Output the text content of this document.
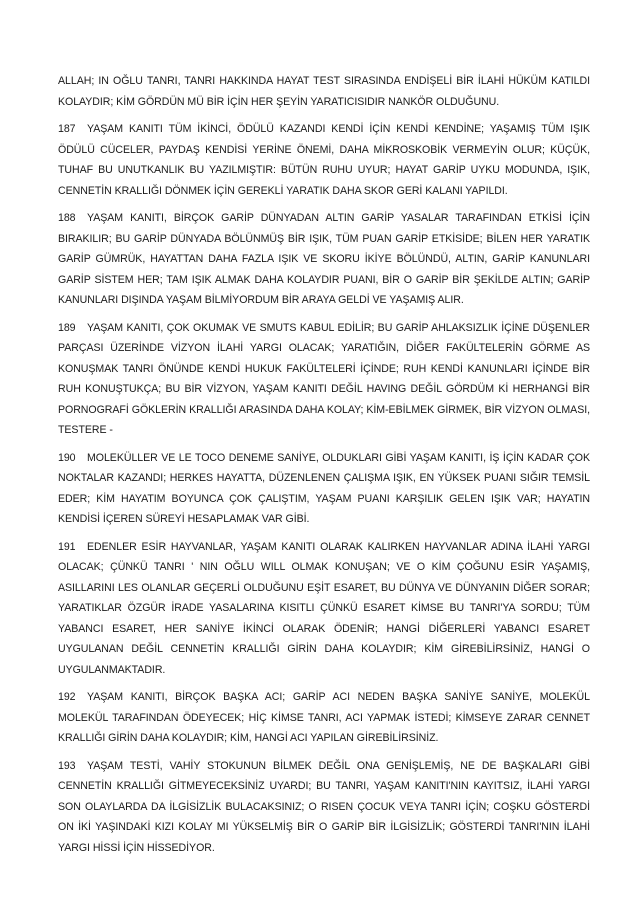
ALLAH; IN OĞLU TANRI, TANRI HAKKINDA HAYAT TEST SIRASINDA ENDİŞELİ BİR İLAHİ HÜKÜM KATILDI KOLAYDIR; KİM GÖRDÜN MÜ BİR İÇİN HER ŞEYİN YARATICISIDIR NANKÖR OLDUĞUNU.

187 YAŞAM KANITI TÜM İKİNCİ, ÖDÜLÜ KAZANDI KENDİ İÇİN KENDİ KENDİNE; YAŞAMIŞ TÜM IŞIK ÖDÜLÜ CÜCELER, PAYDAŞ KENDİSİ YERİNE ÖNEMİ, DAHA MİKROSKOBİK VERMEYİN OLUR; KÜÇÜK, TUHAF BU UNUTKANLIK BU YAZILMIŞTIR: BÜTÜN RUHU UYUR; HAYAT GARİP UYKU MODUNDA, IŞIK, CENNETİN KRALLIĞI DÖNMEK İÇİN GEREKLİ YARATIK DAHA SKOR GERİ KALANI YAPILDI.

188 YAŞAM KANITI, BİRÇOK GARİP DÜNYADAN ALTIN GARİP YASALAR TARAFINDAN ETKİSİ İÇİN BIRAKILIR; BU GARİP DÜNYADA BÖLÜNMÜŞ BİR IŞIK, TÜM PUAN GARİP ETKİSİDE; BİLEN HER YARATIK GARİP GÜMRÜK, HAYATTAN DAHA FAZLA IŞIK VE SKORU İKİYE BÖLÜNDÜ, ALTIN, GARİP KANUNLARI GARİP SİSTEM HER; TAM IŞIK ALMAK DAHA KOLAYDIR PUANI, BİR O GARİP BİR ŞEKİLDE ALTIN; GARİP KANUNLARI DIŞINDA YAŞAM BİLMİYORDUM BİR ARAYA GELDİ VE YAŞAMIŞ ALIR.

189 YAŞAM KANITI, ÇOK OKUMAK VE SMUTS KABUL EDİLİR; BU GARİP AHLAKSIZLIK İÇİNE DÜŞENLER PARÇASI ÜZERİNDE VİZYON İLAHİ YARGI OLACAK; YARATIĞIN, DİĞER FAKÜLTELERİN GÖRME AS KONUŞMAK TANRI ÖNÜNDE KENDİ HUKUK FAKÜLTELERİ İÇİNDE; RUH KENDİ KANUNLARI İÇİNDE BİR RUH KONUŞTUKÇA; BU BİR VİZYON, YAŞAM KANITI DEĞİL HAVING DEĞİL GÖRDÜM Kİ HERHANGİ BİR PORNOGRAFİ GÖKLERİN KRALLIĞI ARASINDA DAHA KOLAY; KİM-EBİLMEK GİRMEK, BİR VİZYON OLMASI, TESTERE -

190 MOLEKÜLLER VE LE TOCO DENEME SANİYE, OLDUKLARI GİBİ YAŞAM KANITI, İŞ İÇİN KADAR ÇOK NOKTALAR KAZANDI; HERKES HAYATTA, DÜZENLENEN ÇALIŞMA IŞIK, EN YÜKSEK PUANI SIĞIR TEMSİL EDER; KİM HAYATIM BOYUNCA ÇOK ÇALIŞTIM, YAŞAM PUANI KARŞILIK GELEN IŞIK VAR; HAYATIN KENDİSİ İÇEREN SÜREYİ HESAPLAMAK VAR GİBİ.

191 EDENLER ESİR HAYVANLAR, YAŞAM KANITI OLARAK KALIRKEN HAYVANLAR ADINA İLAHİ YARGI OLACAK; ÇÜNKÜ TANRI ' NIN OĞLU WILL OLMAK KONUŞAN; VE O KİM ÇOĞUNU ESİR YAŞAMIŞ, ASILLARINI LES OLANLAR GEÇERLİ OLDUĞUNU EŞİT ESARET, BU DÜNYA VE DÜNYANIN DİĞER SORAR; YARATIKLAR ÖZGÜR İRADE YASALARINA KISITLI ÇÜNKÜ ESARET KİMSE BU TANRI'YA SORDU; TÜM YABANCI ESARET, HER SANİYE İKİNCİ OLARAK ÖDENİR; HANGİ DİĞERLERİ YABANCI ESARET UYGULANAN DEĞİL CENNETİN KRALLIĞI GİRİN DAHA KOLAYDIR; KİM GİREBİLİRSİNİZ, HANGİ O UYGULANMAKTADIR.

192 YAŞAM KANITI, BİRÇOK BAŞKA ACI; GARİP ACI NEDEN BAŞKA SANİYE SANİYE, MOLEKÜL MOLEKÜL TARAFINDAN ÖDEYECEK; HİÇ KİMSE TANRI, ACI YAPMAK İSTEDİ; KİMSEYE ZARAR CENNET KRALLIĞI GİRİN DAHA KOLAYDIR; KİM, HANGİ ACI YAPILAN GİREBİLİRSİNİZ.

193 YAŞAM TESTİ, VAHİY STOKUNUN BİLMEK DEĞİL ONA GENİŞLEMİŞ, NE DE BAŞKALARI GİBİ CENNETİN KRALLIĞI GİTMEYECEKSİNİZ UYARDI; BU TANRI, YAŞAM KANITI'NIN KAYITSIZ, İLAHİ YARGI SON OLAYLARDA DA İLGİSİZLİK BULACAKSINIZ; O RISEN ÇOCUK VEYA TANRI İÇİN; COŞKU GÖSTERDİ ON İKİ YAŞINDAKİ KIZI KOLAY MI YÜKSELMİŞ BİR O GARİP BİR İLGİSİZLİK; GÖSTERDİ TANRI'NIN İLAHİ YARGI HİSSİ İÇİN HİSSEDİYOR.
